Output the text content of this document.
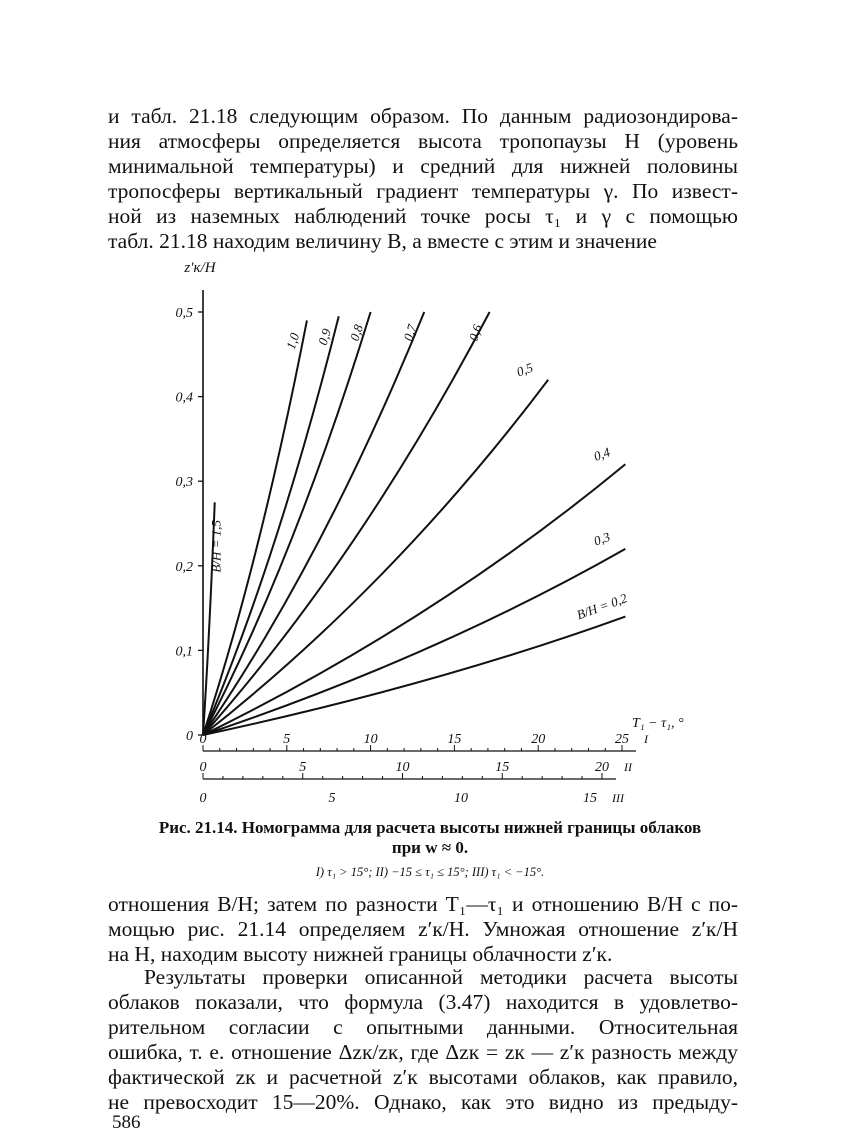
и табл. 21.18 следующим образом. По данным радиозондирова-
ния атмосферы определяется высота тропопаузы H (уровень
минимальной температуры) и средний для нижней половины
тропосферы вертикальный градиент температуры γ. По извест-
ной из наземных наблюдений точке росы τ₁ и γ с помощью
табл. 21.18 находим величину B, а вместе с этим и значение

0
0,1
0,2
0,3
0,4
0,5
z′к/H
T₁ − τ₁, °
0	5	10	15	20	25 I
0	5	10	15	20 II
0	5	10	15 III
B/H = 1,5
1,0 0,9 0,8	0,7	0,6
0,5
0,4
0,3
B/H = 0,2
Рис. 21.14. Номограмма для расчета высоты нижней границы облаков при w ≈ 0.
I) τ₁ > 15°; II) −15 ≤ τ₁ ≤ 15°; III) τ₁ < −15°.

отношения B/H; затем по разности T₁—τ₁ и отношению B/H с по-
мощью рис. 21.14 определяем z′к/H. Умножая отношение z′к/H
на H, находим высоту нижней границы облачности z′к.

Результаты проверки описанной методики расчета высоты
облаков показали, что формула (3.47) находится в удовлетво-
рительном согласии с опытными данными. Относительная
ошибка, т. е. отношение Δzк/zк, где Δzк = zк — z′к разность между
фактической zк и расчетной z′к высотами облаков, как правило,
не превосходит 15—20%. Однако, как это видно из предыду-

586
